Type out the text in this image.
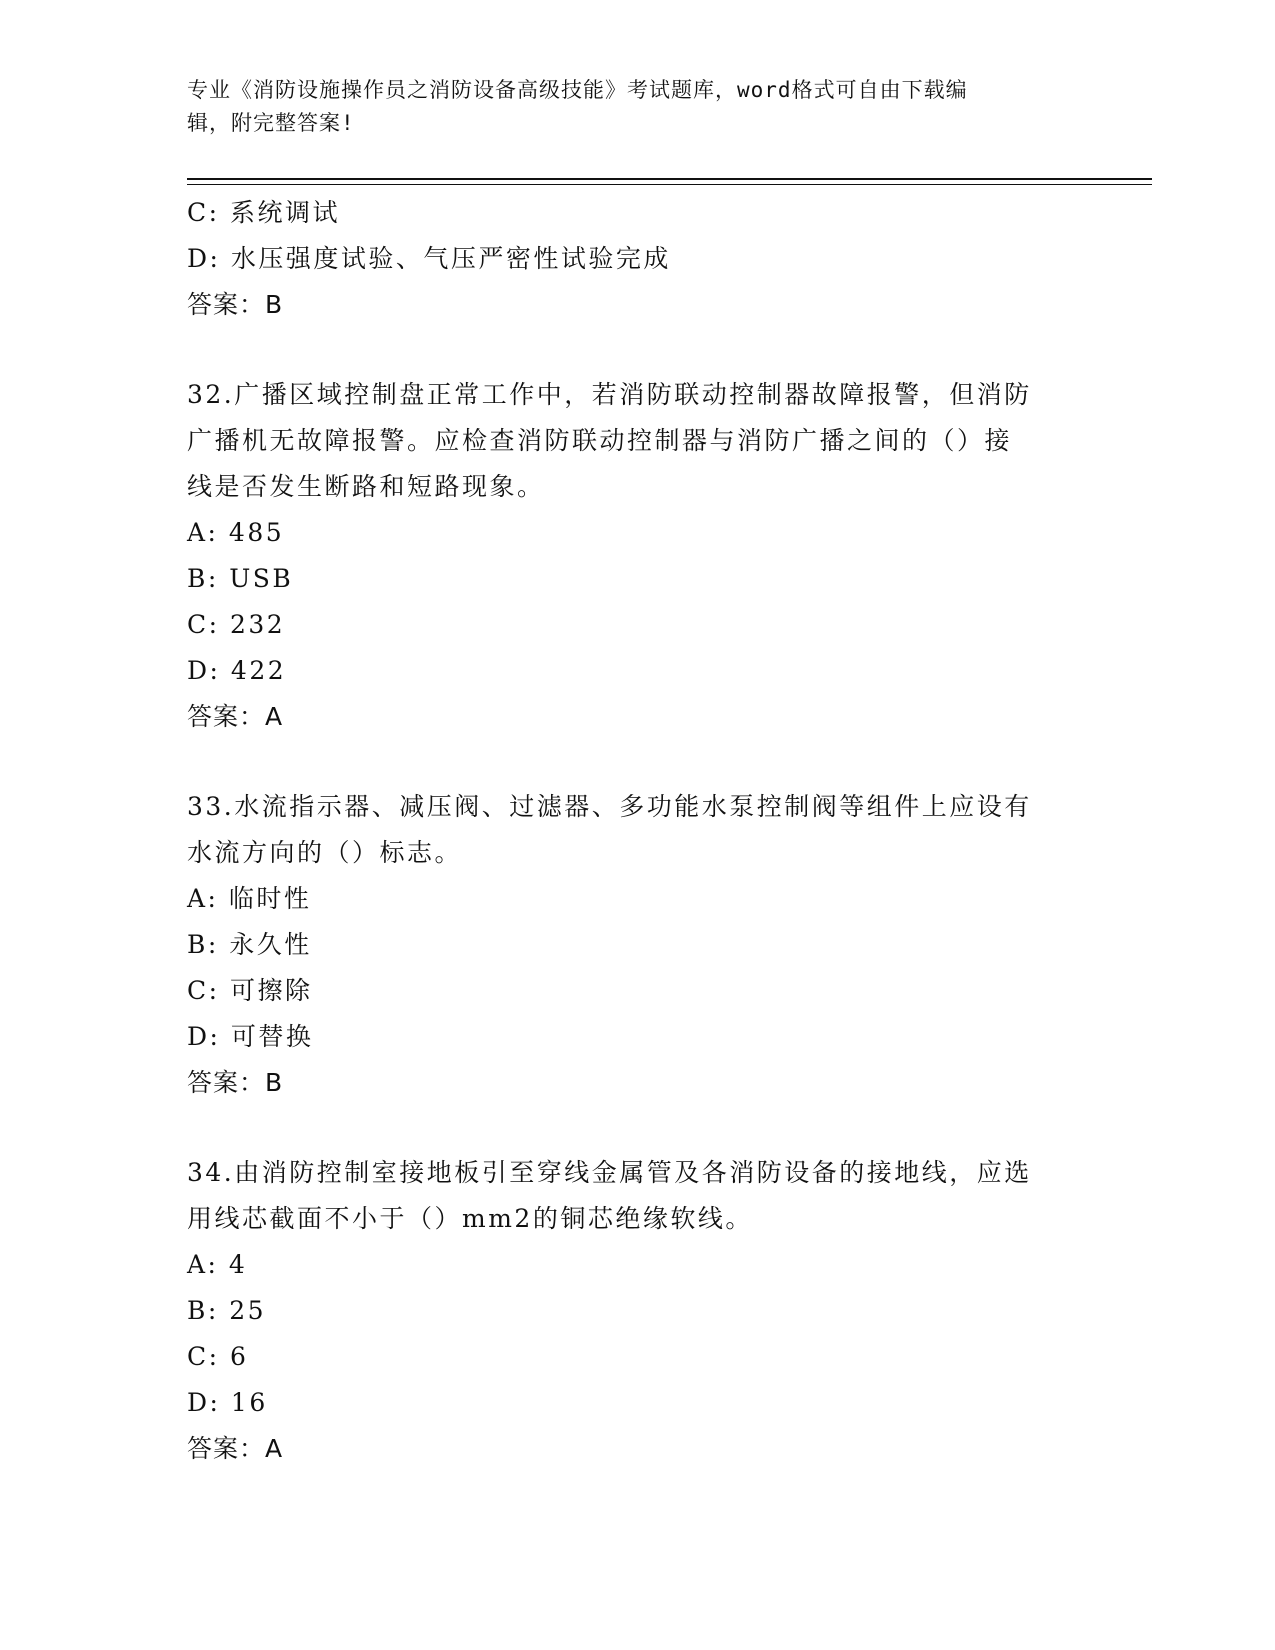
专业《消防设施操作员之消防设备高级技能》考试题库，word格式可自由下载编
辑，附完整答案!
C: 系统调试
D: 水压强度试验、气压严密性试验完成
答案：B
32.广播区域控制盘正常工作中，若消防联动控制器故障报警，但消防
广播机无故障报警。应检查消防联动控制器与消防广播之间的（）接
线是否发生断路和短路现象。
A: 485
B: USB
C: 232
D: 422
答案：A
33.水流指示器、减压阀、过滤器、多功能水泵控制阀等组件上应设有
水流方向的（）标志。
A: 临时性
B: 永久性
C: 可擦除
D: 可替换
答案：B
34.由消防控制室接地板引至穿线金属管及各消防设备的接地线，应选
用线芯截面不小于（）mm2的铜芯绝缘软线。
A: 4
B: 25
C: 6
D: 16
答案：A
